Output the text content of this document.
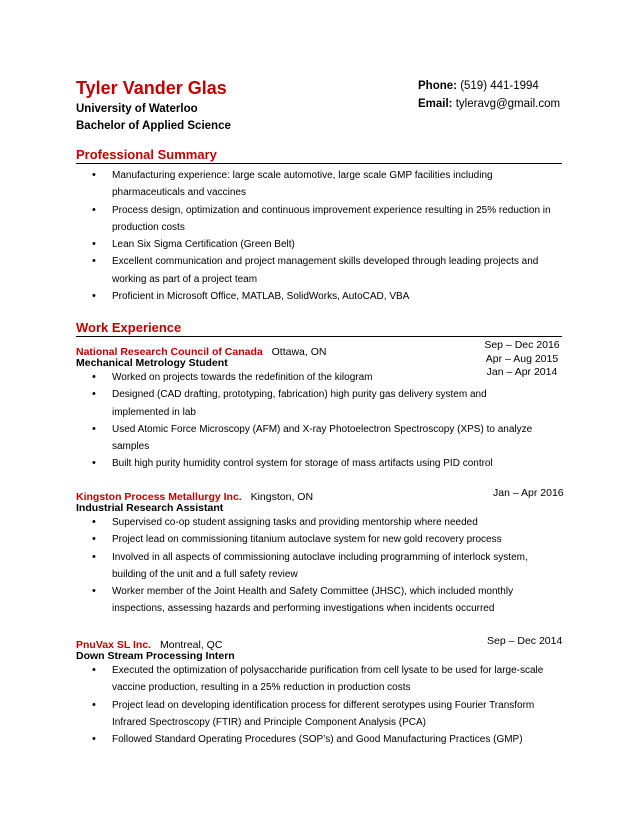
Tyler Vander Glas
University of Waterloo
Bachelor of Applied Science
Phone: (519) 441-1994
Email: tyleravg@gmail.com
Professional Summary
• Manufacturing experience: large scale automotive, large scale GMP facilities including pharmaceuticals and vaccines
• Process design, optimization and continuous improvement experience resulting in 25% reduction in production costs
• Lean Six Sigma Certification (Green Belt)
• Excellent communication and project management skills developed through leading projects and working as part of a project team
• Proficient in Microsoft Office, MATLAB, SolidWorks, AutoCAD, VBA
Work Experience
National Research Council of Canada Ottawa, ON
Mechanical Metrology Student
Sep – Dec 2016
Apr – Aug 2015
Jan – Apr 2014
• Worked on projects towards the redefinition of the kilogram
• Designed (CAD drafting, prototyping, fabrication) high purity gas delivery system and implemented in lab
• Used Atomic Force Microscopy (AFM) and X-ray Photoelectron Spectroscopy (XPS) to analyze samples
• Built high purity humidity control system for storage of mass artifacts using PID control
Kingston Process Metallurgy Inc. Kingston, ON	Jan – Apr 2016
Industrial Research Assistant
• Supervised co-op student assigning tasks and providing mentorship where needed
• Project lead on commissioning titanium autoclave system for new gold recovery process
• Involved in all aspects of commissioning autoclave including programming of interlock system, building of the unit and a full safety review
• Worker member of the Joint Health and Safety Committee (JHSC), which included monthly inspections, assessing hazards and performing investigations when incidents occurred
PnuVax SL Inc. Montreal, QC	Sep – Dec 2014
Down Stream Processing Intern
• Executed the optimization of polysaccharide purification from cell lysate to be used for large-scale vaccine production, resulting in a 25% reduction in production costs
• Project lead on developing identification process for different serotypes using Fourier Transform Infrared Spectroscopy (FTIR) and Principle Component Analysis (PCA)
• Followed Standard Operating Procedures (SOP’s) and Good Manufacturing Practices (GMP)
